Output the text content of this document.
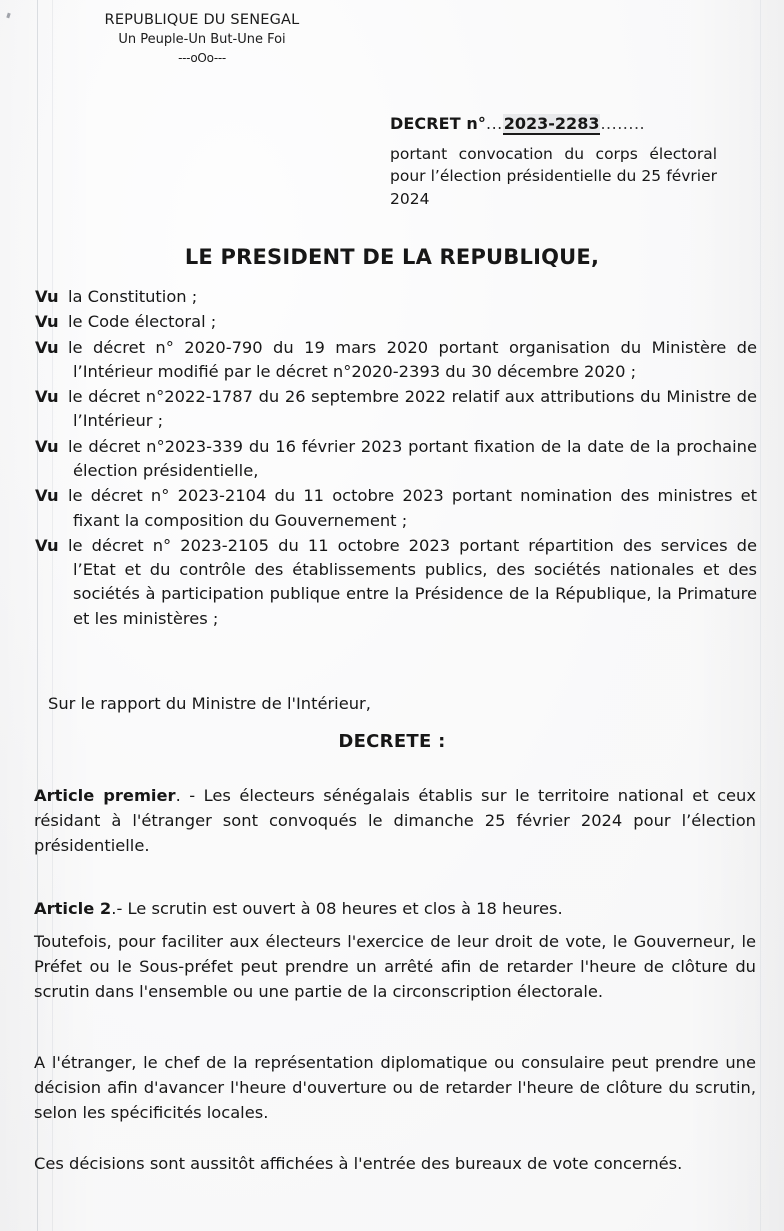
REPUBLIQUE DU SENEGAL
Un Peuple-Un But-Une Foi
---oOo---
DECRET n°...2023-2283........
portant convocation du corps électoral pour l’élection présidentielle du 25 février 2024
LE PRESIDENT DE LA REPUBLIQUE,
Vu la Constitution ;
Vu le Code électoral ;
Vu le décret n° 2020-790 du 19 mars 2020 portant organisation du Ministère de l’Intérieur modifié par le décret n°2020-2393 du 30 décembre 2020 ;
Vu le décret n°2022-1787 du 26 septembre 2022 relatif aux attributions du Ministre de l’Intérieur ;
Vu le décret n°2023-339 du 16 février 2023 portant fixation de la date de la prochaine élection présidentielle,
Vu le décret n° 2023-2104 du 11 octobre 2023 portant nomination des ministres et fixant la composition du Gouvernement ;
Vu le décret n° 2023-2105 du 11 octobre 2023 portant répartition des services de l’Etat et du contrôle des établissements publics, des sociétés nationales et des sociétés à participation publique entre la Présidence de la République, la Primature et les ministères ;
Sur le rapport du Ministre de l'Intérieur,
DECRETE :
Article premier. - Les électeurs sénégalais établis sur le territoire national et ceux résidant à l'étranger sont convoqués le dimanche 25 février 2024 pour l’élection présidentielle.
Article 2.- Le scrutin est ouvert à 08 heures et clos à 18 heures.
Toutefois, pour faciliter aux électeurs l'exercice de leur droit de vote, le Gouverneur, le Préfet ou le Sous-préfet peut prendre un arrêté afin de retarder l'heure de clôture du scrutin dans l'ensemble ou une partie de la circonscription électorale.
A l'étranger, le chef de la représentation diplomatique ou consulaire peut prendre une décision afin d'avancer l'heure d'ouverture ou de retarder l'heure de clôture du scrutin, selon les spécificités locales.
Ces décisions sont aussitôt affichées à l'entrée des bureaux de vote concernés.
